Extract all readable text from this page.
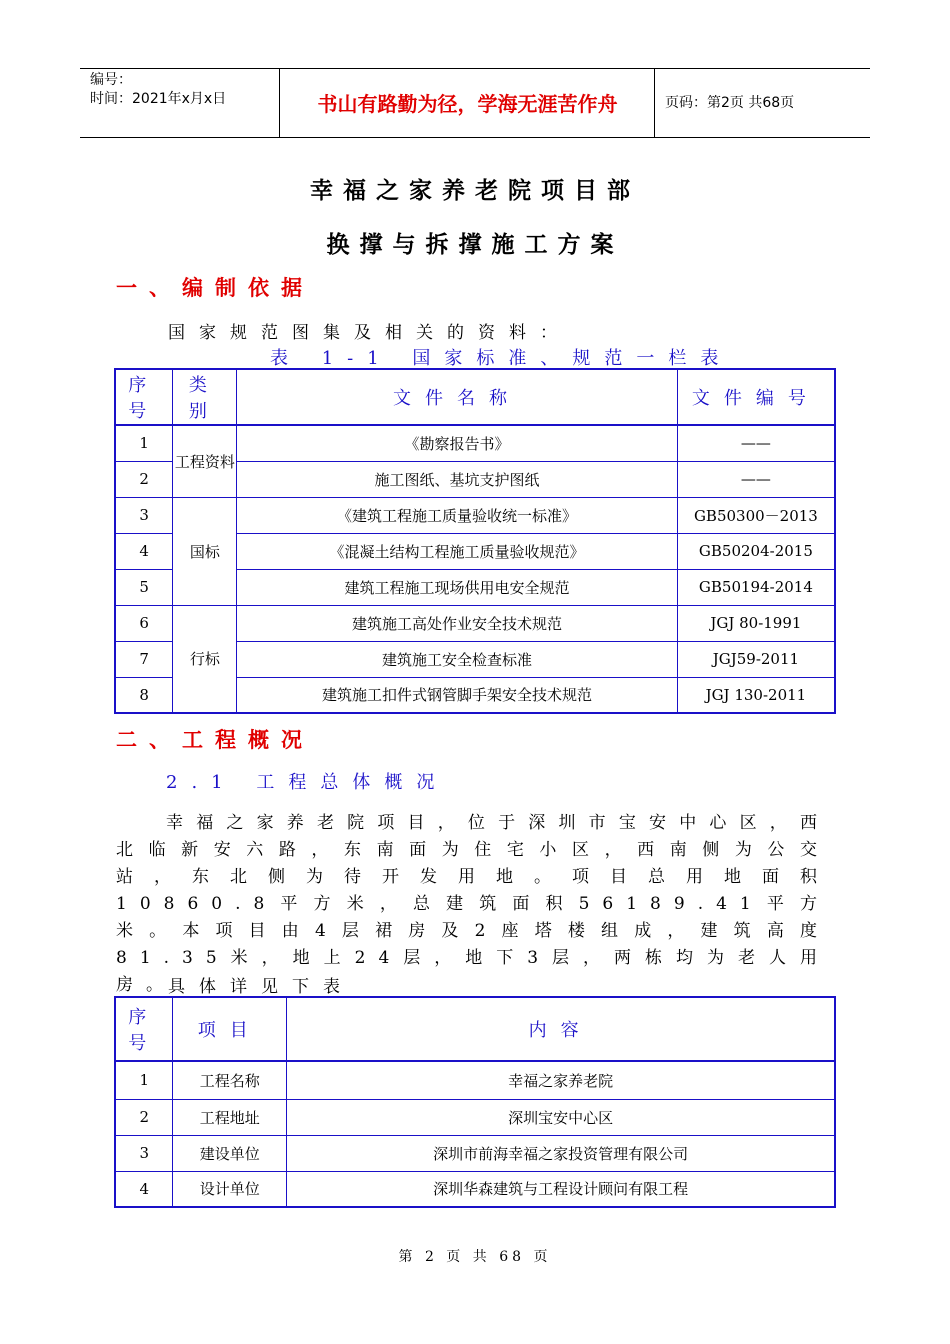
编号：
时间：2021年x月x日	书山有路勤为径，学海无涯苦作舟	页码：第2页 共68页
幸福之家养老院项目部
换撑与拆撑施工方案
一、编制依据
国家规范图集及相关的资料：
表 1-1 国家标准、规范一栏表
序号	类别	文件名称	文件编号
1	工程资料	《勘察报告书》	——
2		施工图纸、基坑支护图纸	——
3	国标	《建筑工程施工质量验收统一标准》	GB50300－2013
4		《混凝土结构工程施工质量验收规范》	GB50204-2015
5		建筑工程施工现场供用电安全规范	GB50194-2014
6	行标	建筑施工高处作业安全技术规范	JGJ 80-1991
7		建筑施工安全检查标准	JGJ59-2011
8		建筑施工扣件式钢管脚手架安全技术规范	JGJ 130-2011
二、工程概况
2.1 工程总体概况
幸福之家养老院项目，位于深圳市宝安中心区，西北临新安六路，东南面为住宅小区，西南侧为公交站，东北侧为待开发用地。项目总用地面积10860.8平方米，总建筑面积56189.41平方米。本项目由4层裙房及2座塔楼组成，建筑高度81.35米，地上24层，地下3层，两栋均为老人用房。
具体详见下表
序号	项目	内容
1	工程名称	幸福之家养老院
2	工程地址	深圳宝安中心区
3	建设单位	深圳市前海幸福之家投资管理有限公司
4	设计单位	深圳华森建筑与工程设计顾问有限工程
第 2 页 共 68 页
